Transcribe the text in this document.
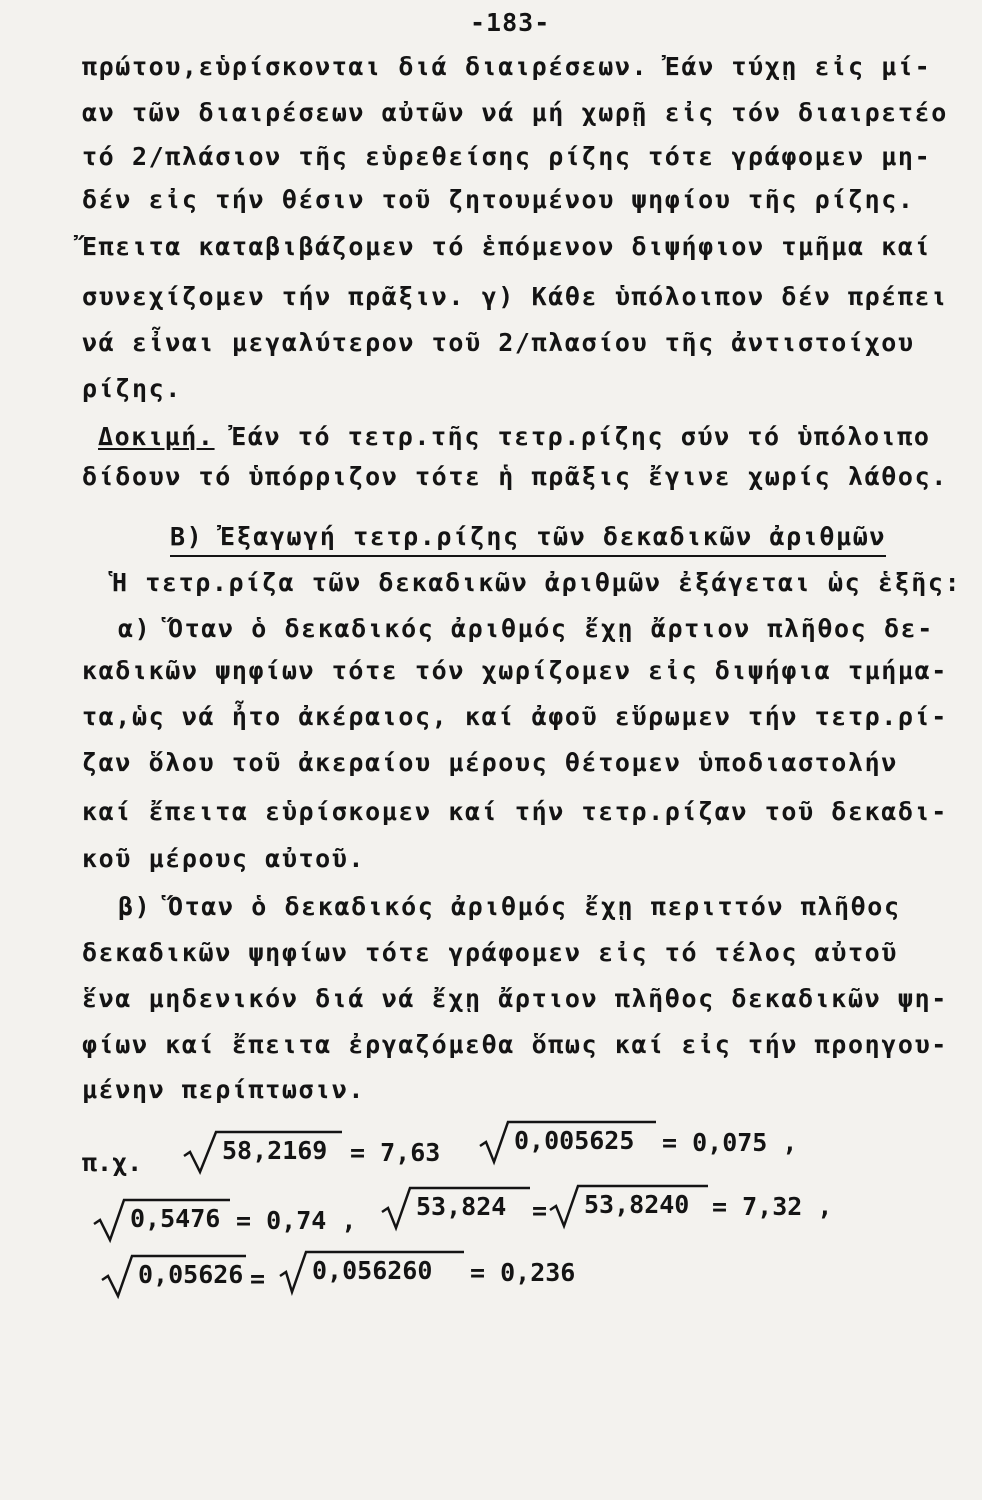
-183-
πρώτου,εὑρίσκονται διά διαιρέσεων. Ἐάν τύχῃ εἰς μί-
αν τῶν διαιρέσεων αὐτῶν νά μή χωρῇ εἰς τόν διαιρετέο
τό 2/πλάσιον τῆς εὑρεθείσης ρίζης τότε γράφομεν μη-
δέν εἰς τήν θέσιν τοῦ ζητουμένου ψηφίου τῆς ρίζης.
Ἔπειτα καταβιβάζομεν τό ἑπόμενον διψήφιον τμῆμα καί
συνεχίζομεν τήν πρᾶξιν. γ) Κάθε ὑπόλοιπον δέν πρέπει
νά εἶναι μεγαλύτερον τοῦ 2/πλασίου τῆς ἀντιστοίχου
ρίζης.
Δοκιμή. Ἐάν τό τετρ.τῆς τετρ.ρίζης σύν τό ὑπόλοιπο
δίδουν τό ὑπόρριζον τότε ἡ πρᾶξις ἔγινε χωρίς λάθος.
Β) Ἐξαγωγή τετρ.ρίζης τῶν δεκαδικῶν ἀριθμῶν
Ἡ τετρ.ρίζα τῶν δεκαδικῶν ἀριθμῶν ἐξάγεται ὡς ἑξῆς:
α) Ὅταν ὁ δεκαδικός ἀριθμός ἔχῃ ἄρτιον πλῆθος δε-
καδικῶν ψηφίων τότε τόν χωρίζομεν εἰς διψήφια τμήμα-
τα,ὡς νά ἦτο ἀκέραιος, καί ἀφοῦ εὕρωμεν τήν τετρ.ρί-
ζαν ὅλου τοῦ ἀκεραίου μέρους θέτομεν ὑποδιαστολήν
καί ἔπειτα εὑρίσκομεν καί τήν τετρ.ρίζαν τοῦ δεκαδι-
κοῦ μέρους αὐτοῦ.
β) Ὅταν ὁ δεκαδικός ἀριθμός ἔχῃ περιττόν πλῆθος
δεκαδικῶν ψηφίων τότε γράφομεν εἰς τό τέλος αὐτοῦ
ἕνα μηδενικόν διά νά ἔχῃ ἄρτιον πλῆθος δεκαδικῶν ψη-
φίων καί ἔπειτα ἐργαζόμεθα ὅπως καί εἰς τήν προηγου-
μένην περίπτωσιν.
π.χ.	58,2169 = 7,63	0,005625 = 0,075 ,
0,5476 = 0,74 , 53,824 = 53,8240 = 7,32 ,
0,05626 = 0,056260 = 0,236
